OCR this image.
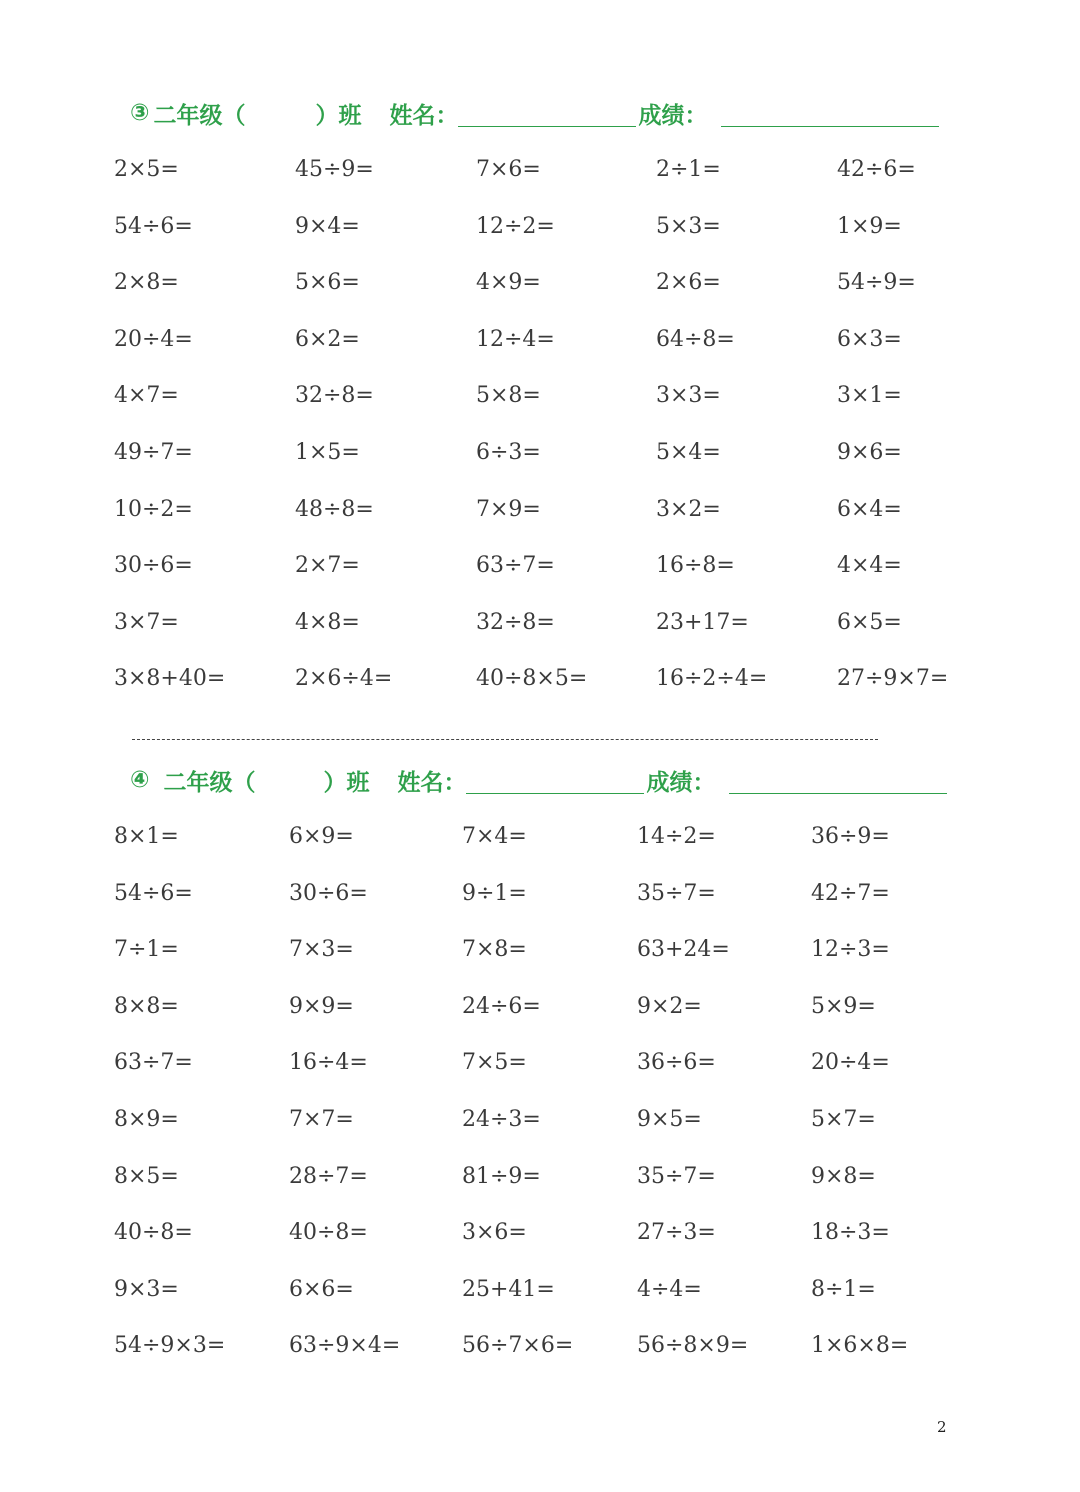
③ 二年级（	）班 姓名：	成绩：
2×5=	45÷9=	7×6=	2÷1=	42÷6=
54÷6=	9×4=	12÷2=	5×3=	1×9=
2×8=	5×6=	4×9=	2×6=	54÷9=
20÷4=	6×2=	12÷4=	64÷8=	6×3=
4×7=	32÷8=	5×8=	3×3=	3×1=
49÷7=	1×5=	6÷3=	5×4=	9×6=
10÷2=	48÷8=	7×9=	3×2=	6×4=
30÷6=	2×7=	63÷7=	16÷8=	4×4=
3×7=	4×8=	32÷8=	23+17=	6×5=
3×8+40=	2×6÷4=	40÷8×5=	16÷2÷4=	27÷9×7=
④ 二年级（	）班 姓名：	成绩：
8×1=	6×9=	7×4=	14÷2=	36÷9=
54÷6=	30÷6=	9÷1=	35÷7=	42÷7=
7÷1=	7×3=	7×8=	63+24=	12÷3=
8×8=	9×9=	24÷6=	9×2=	5×9=
63÷7=	16÷4=	7×5=	36÷6=	20÷4=
8×9=	7×7=	24÷3=	9×5=	5×7=
8×5=	28÷7=	81÷9=	35÷7=	9×8=
40÷8=	40÷8=	3×6=	27÷3=	18÷3=
9×3=	6×6=	25+41=	4÷4=	8÷1=
54÷9×3=	63÷9×4=	56÷7×6=	56÷8×9=	1×6×8=
2
